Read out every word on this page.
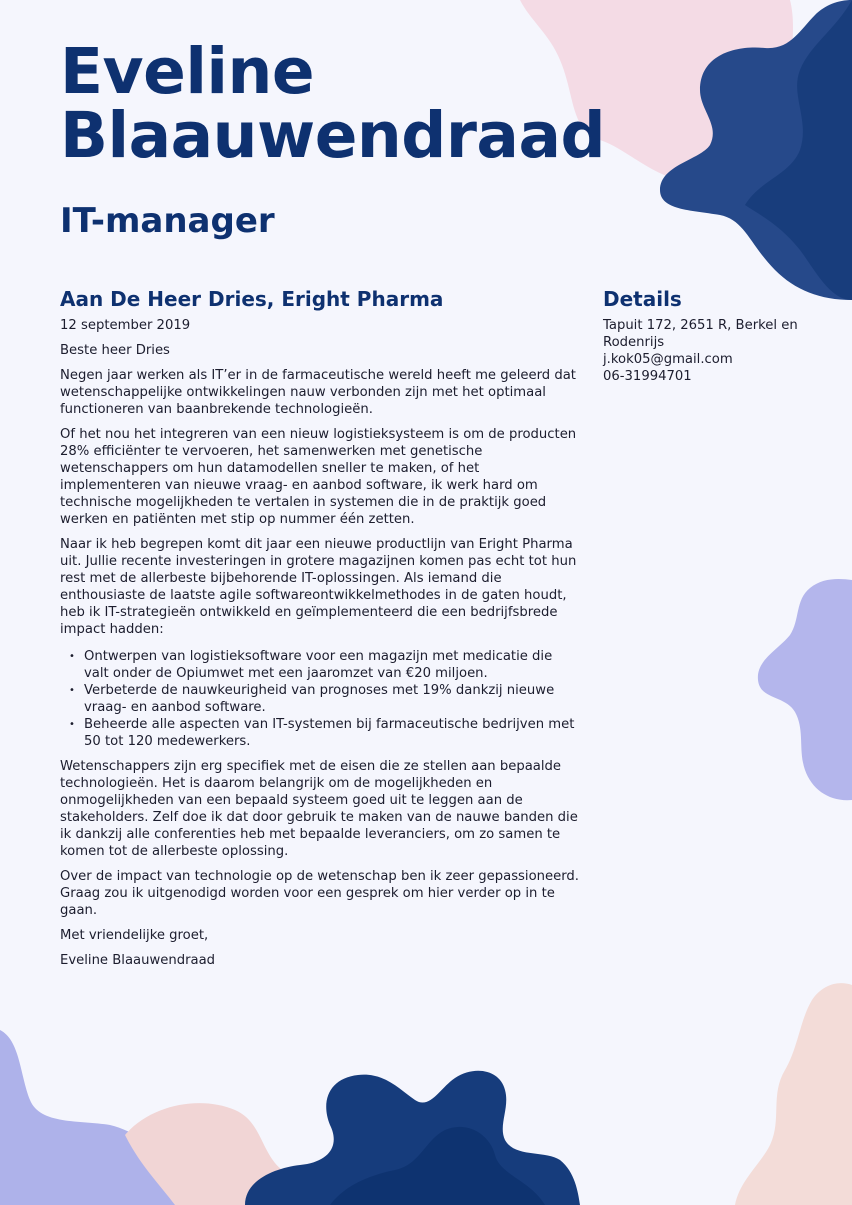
Eveline
Blaauwendraad
IT-manager
Aan De Heer Dries, Eright Pharma

12 september 2019

Beste heer Dries

Negen jaar werken als IT’er in de farmaceutische wereld heeft me geleerd dat wetenschappelijke ontwikkelingen nauw verbonden zijn met het optimaal functioneren van baanbrekende technologieën.

Of het nou het integreren van een nieuw logistieksysteem is om de producten 28% efficiënter te vervoeren, het samenwerken met genetische wetenschappers om hun datamodellen sneller te maken, of het implementeren van nieuwe vraag- en aanbod software, ik werk hard om technische mogelijkheden te vertalen in systemen die in de praktijk goed werken en patiënten met stip op nummer één zetten.

Naar ik heb begrepen komt dit jaar een nieuwe productlijn van Eright Pharma uit. Jullie recente investeringen in grotere magazijnen komen pas echt tot hun rest met de allerbeste bijbehorende IT-oplossingen. Als iemand die enthousiaste de laatste agile softwareontwikkelmethodes in de gaten houdt, heb ik IT-strategieën ontwikkeld en geïmplementeerd die een bedrijfsbrede impact hadden:

• Ontwerpen van logistieksoftware voor een magazijn met medicatie die valt onder de Opiumwet met een jaaromzet van €20 miljoen.
• Verbeterde de nauwkeurigheid van prognoses met 19% dankzij nieuwe vraag- en aanbod software.
• Beheerde alle aspecten van IT-systemen bij farmaceutische bedrijven met 50 tot 120 medewerkers.

Wetenschappers zijn erg specifiek met de eisen die ze stellen aan bepaalde technologieën. Het is daarom belangrijk om de mogelijkheden en onmogelijkheden van een bepaald systeem goed uit te leggen aan de stakeholders. Zelf doe ik dat door gebruik te maken van de nauwe banden die ik dankzij alle conferenties heb met bepaalde leveranciers, om zo samen te komen tot de allerbeste oplossing.

Over de impact van technologie op de wetenschap ben ik zeer gepassioneerd. Graag zou ik uitgenodigd worden voor een gesprek om hier verder op in te gaan.

Met vriendelijke groet,

Eveline Blaauwendraad

Details
Tapuit 172, 2651 R, Berkel en Rodenrijs
j.kok05@gmail.com
06-31994701
